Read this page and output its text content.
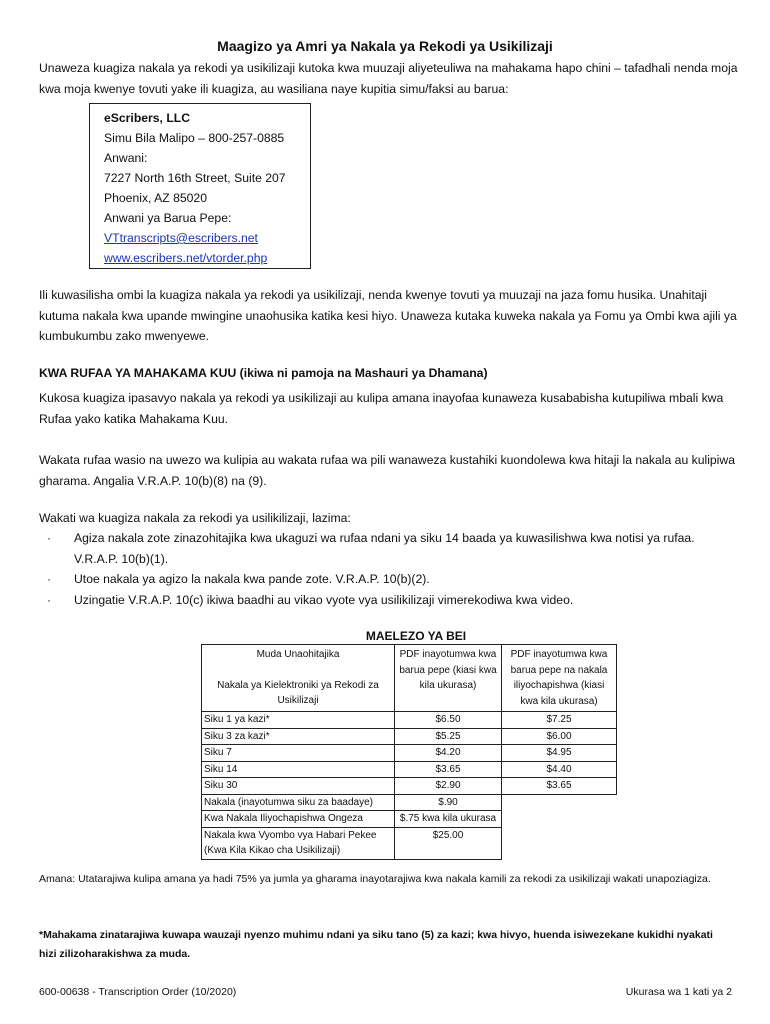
Maagizo ya Amri ya Nakala ya Rekodi ya Usikilizaji

Unaweza kuagiza nakala ya rekodi ya usikilizaji kutoka kwa muuzaji aliyeteuliwa na mahakama hapo chini – tafadhali nenda moja kwa moja kwenye tovuti yake ili kuagiza, au wasiliana naye kupitia simu/faksi au barua:

eScribers, LLC
Simu Bila Malipo – 800-257-0885
Anwani:
7227 North 16th Street, Suite 207
Phoenix, AZ 85020
Anwani ya Barua Pepe:
VTtranscripts@escribers.net
www.escribers.net/vtorder.php

Ili kuwasilisha ombi la kuagiza nakala ya rekodi ya usikilizaji, nenda kwenye tovuti ya muuzaji na jaza fomu husika. Unahitaji kutuma nakala kwa upande mwingine unaohusika katika kesi hiyo. Unaweza kutaka kuweka nakala ya Fomu ya Ombi kwa ajili ya kumbukumbu zako mwenyewe.

KWA RUFAA YA MAHAKAMA KUU (ikiwa ni pamoja na Mashauri ya Dhamana)

Kukosa kuagiza ipasavyo nakala ya rekodi ya usikilizaji au kulipa amana inayofaa kunaweza kusababisha kutupiliwa mbali kwa Rufaa yako katika Mahakama Kuu.

Wakata rufaa wasio na uwezo wa kulipia au wakata rufaa wa pili wanaweza kustahiki kuondolewa kwa hitaji la nakala au kulipiwa gharama. Angalia V.R.A.P. 10(b)(8) na (9).

Wakati wa kuagiza nakala za rekodi ya usilikilizaji, lazima:

· Agiza nakala zote zinazohitajika kwa ukaguzi wa rufaa ndani ya siku 14 baada ya kuwasilishwa kwa notisi ya rufaa. V.R.A.P. 10(b)(1).
· Utoe nakala ya agizo la nakala kwa pande zote. V.R.A.P. 10(b)(2).
· Uzingatie V.R.A.P. 10(c) ikiwa baadhi au vikao vyote vya usilikilizaji vimerekodiwa kwa video.
MAELEZO YA BEI
Muda Unaohitajika
Nakala ya Kielektroniki ya Rekodi za Usikilizaji	PDF inayotumwa kwa barua pepe (kiasi kwa kila ukurasa)	PDF inayotumwa kwa barua pepe na nakala iliyochapishwa (kiasi kwa kila ukurasa)
Siku 1 ya kazi*	$6.50	$7.25
Siku 3 za kazi*	$5.25	$6.00
Siku 7	$4.20	$4.95
Siku 14	$3.65	$4.40
Siku 30	$2.90	$3.65
Nakala (inayotumwa siku za baadaye)	$.90	
Kwa Nakala Iliyochapishwa Ongeza	$.75 kwa kila ukurasa	
Nakala kwa Vyombo vya Habari Pekee (Kwa Kila Kikao cha Usikilizaji)	$25.00	

Amana: Utatarajiwa kulipa amana ya hadi 75% ya jumla ya gharama inayotarajiwa kwa nakala kamili za rekodi za usikilizaji wakati unapoziagiza.

*Mahakama zinatarajiwa kuwapa wauzaji nyenzo muhimu ndani ya siku tano (5) za kazi; kwa hivyo, huenda isiwezekane kukidhi nyakati hizi zilizoharakishwa za muda.

600-00638 - Transcription Order (10/2020)	Ukurasa wa 1 kati ya 2
